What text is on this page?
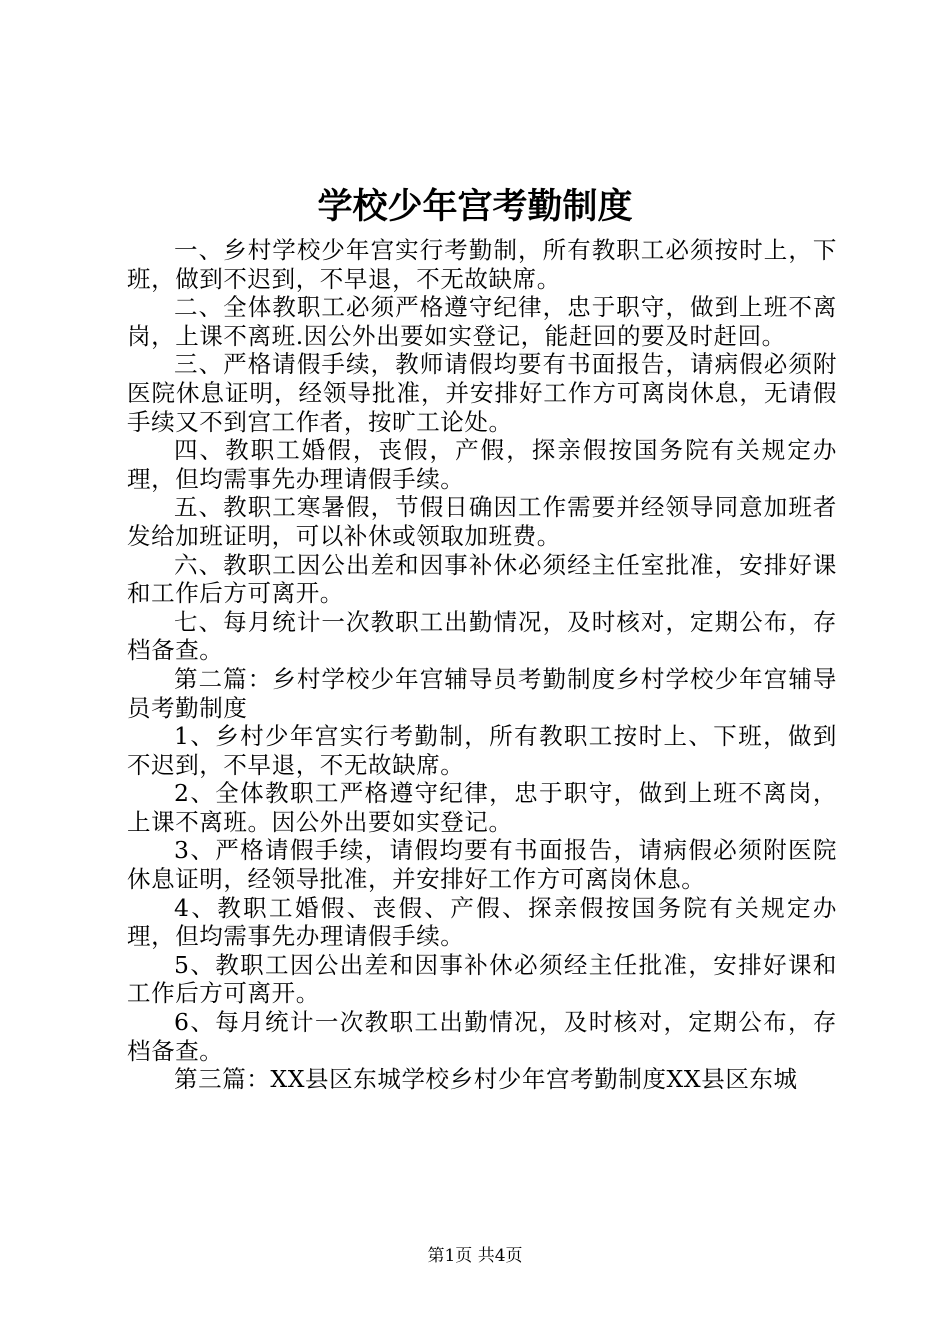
学校少年宫考勤制度

一、乡村学校少年宫实行考勤制，所有教职工必须按时上，下班，做到不迟到，不早退，不无故缺席。

二、全体教职工必须严格遵守纪律，忠于职守，做到上班不离岗，上课不离班.因公外出要如实登记，能赶回的要及时赶回。

三、严格请假手续，教师请假均要有书面报告，请病假必须附医院休息证明，经领导批准，并安排好工作方可离岗休息，无请假手续又不到宫工作者，按旷工论处。

四、教职工婚假，丧假，产假，探亲假按国务院有关规定办理，但均需事先办理请假手续。

五、教职工寒暑假，节假日确因工作需要并经领导同意加班者发给加班证明，可以补休或领取加班费。

六、教职工因公出差和因事补休必须经主任室批准，安排好课和工作后方可离开。

七、每月统计一次教职工出勤情况，及时核对，定期公布，存档备查。

第二篇：乡村学校少年宫辅导员考勤制度乡村学校少年宫辅导员考勤制度

1、乡村少年宫实行考勤制，所有教职工按时上、下班，做到不迟到，不早退，不无故缺席。

2、全体教职工严格遵守纪律，忠于职守，做到上班不离岗，上课不离班。因公外出要如实登记。

3、严格请假手续，请假均要有书面报告，请病假必须附医院休息证明，经领导批准，并安排好工作方可离岗休息。

4、教职工婚假、丧假、产假、探亲假按国务院有关规定办理，但均需事先办理请假手续。

5、教职工因公出差和因事补休必须经主任批准，安排好课和工作后方可离开。

6、每月统计一次教职工出勤情况，及时核对，定期公布，存档备查。

第三篇：XX县区东城学校乡村少年宫考勤制度XX县区东城

第1页 共4页
